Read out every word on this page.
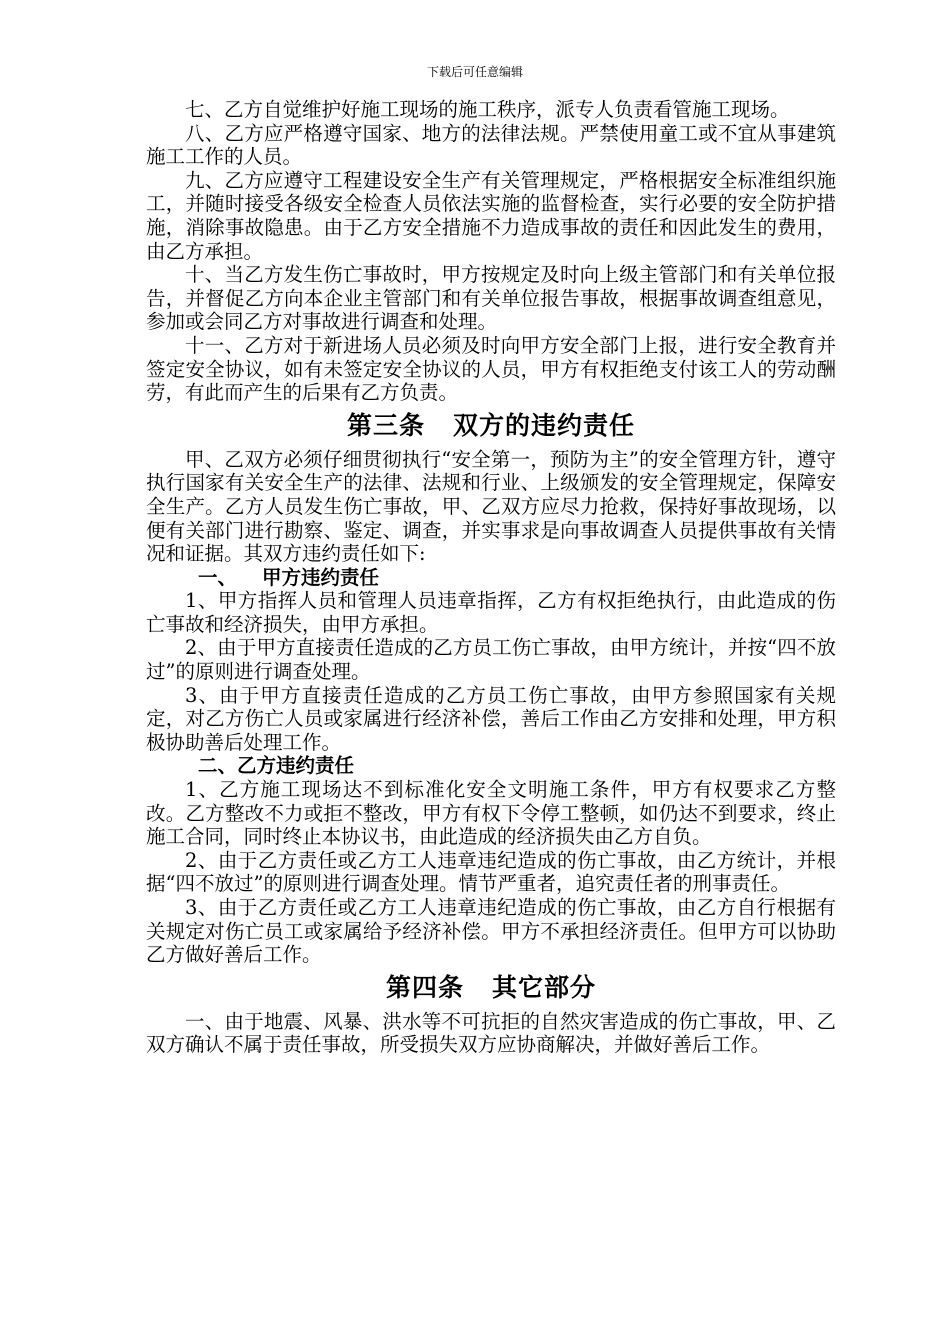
下载后可任意编辑

七、乙方自觉维护好施工现场的施工秩序，派专人负责看管施工现场。

八、乙方应严格遵守国家、地方的法律法规。严禁使用童工或不宜从事建筑施工工作的人员。

九、乙方应遵守工程建设安全生产有关管理规定，严格根据安全标准组织施工，并随时接受各级安全检查人员依法实施的监督检查，实行必要的安全防护措施，消除事故隐患。由于乙方安全措施不力造成事故的责任和因此发生的费用，由乙方承担。

十、当乙方发生伤亡事故时，甲方按规定及时向上级主管部门和有关单位报告，并督促乙方向本企业主管部门和有关单位报告事故，根据事故调查组意见，参加或会同乙方对事故进行调查和处理。

十一、乙方对于新进场人员必须及时向甲方安全部门上报，进行安全教育并签定安全协议，如有未签定安全协议的人员，甲方有权拒绝支付该工人的劳动酬劳，有此而产生的后果有乙方负责。

第三条 双方的违约责任

甲、乙双方必须仔细贯彻执行“安全第一，预防为主”的安全管理方针，遵守执行国家有关安全生产的法律、法规和行业、上级颁发的安全管理规定，保障安全生产。乙方人员发生伤亡事故，甲、乙双方应尽力抢救，保持好事故现场，以便有关部门进行勘察、鉴定、调查，并实事求是向事故调查人员提供事故有关情况和证据。其双方违约责任如下:

一、 甲方违约责任

1、甲方指挥人员和管理人员违章指挥，乙方有权拒绝执行，由此造成的伤亡事故和经济损失，由甲方承担。

2、由于甲方直接责任造成的乙方员工伤亡事故，由甲方统计，并按“四不放过”的原则进行调查处理。

3、由于甲方直接责任造成的乙方员工伤亡事故，由甲方参照国家有关规定，对乙方伤亡人员或家属进行经济补偿，善后工作由乙方安排和处理，甲方积极协助善后处理工作。

二、乙方违约责任

1、乙方施工现场达不到标准化安全文明施工条件，甲方有权要求乙方整改。乙方整改不力或拒不整改，甲方有权下令停工整顿，如仍达不到要求，终止施工合同，同时终止本协议书，由此造成的经济损失由乙方自负。

2、由于乙方责任或乙方工人违章违纪造成的伤亡事故，由乙方统计，并根据“四不放过”的原则进行调查处理。情节严重者，追究责任者的刑事责任。

3、由于乙方责任或乙方工人违章违纪造成的伤亡事故，由乙方自行根据有关规定对伤亡员工或家属给予经济补偿。甲方不承担经济责任。但甲方可以协助乙方做好善后工作。

第四条 其它部分

一、由于地震、风暴、洪水等不可抗拒的自然灾害造成的伤亡事故，甲、乙双方确认不属于责任事故，所受损失双方应协商解决，并做好善后工作。
